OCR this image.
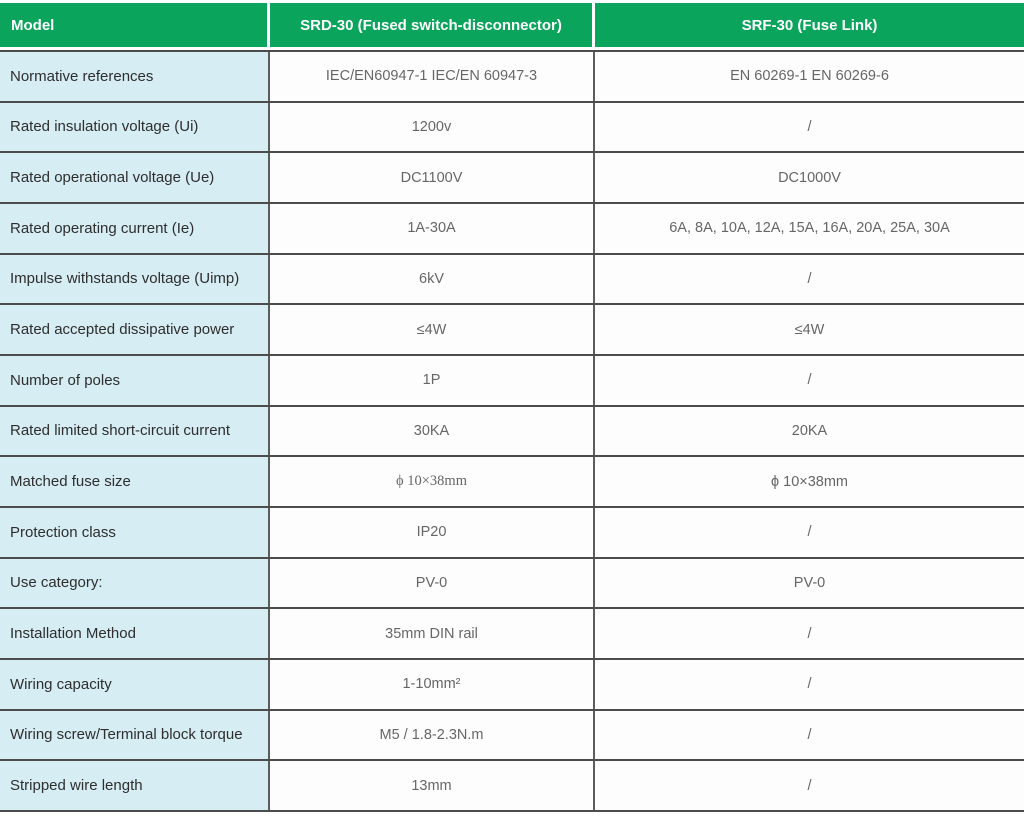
Model	SRD-30 (Fused switch-disconnector)	SRF-30 (Fuse Link)
Normative references	IEC/EN60947-1 IEC/EN 60947-3	EN 60269-1 EN 60269-6
Rated insulation voltage (Ui)	1200v	/
Rated operational voltage (Ue)	DC1100V	DC1000V
Rated operating current (Ie)	1A-30A	6A, 8A, 10A, 12A, 15A, 16A, 20A, 25A, 30A
Impulse withstands voltage (Uimp)	6kV	/
Rated accepted dissipative power	≤4W	≤4W
Number of poles	1P	/
Rated limited short-circuit current	30KA	20KA
Matched fuse size	ϕ 10×38mm	ϕ 10×38mm
Protection class	IP20	/
Use category:	PV-0	PV-0
Installation Method	35mm DIN rail	/
Wiring capacity	1-10mm²	/
Wiring screw/Terminal block torque	M5 / 1.8-2.3N.m	/
Stripped wire length	13mm	/
